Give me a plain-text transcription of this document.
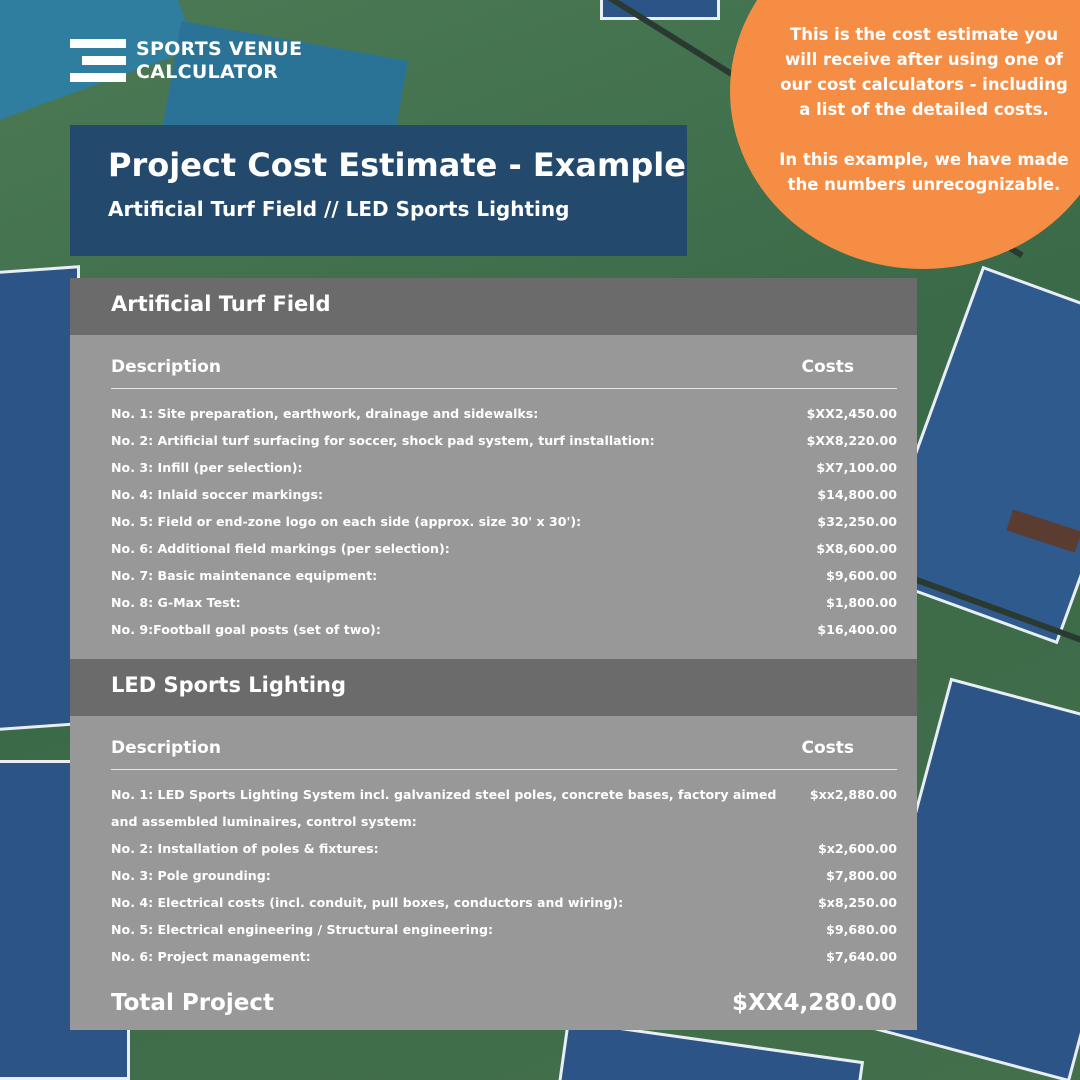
SPORTS VENUE
CALCULATOR
Project Cost Estimate - Example
Artificial Turf Field // LED Sports Lighting

This is the cost estimate you will receive after using one of our cost calculators - including a list of the detailed costs.

In this example, we have made the numbers unrecognizable.

Artificial Turf Field
Description	Costs
No. 1: Site preparation, earthwork, drainage and sidewalks:	$XX2,450.00
No. 2: Artificial turf surfacing for soccer, shock pad system, turf installation:	$XX8,220.00
No. 3: Infill (per selection):	$X7,100.00
No. 4: Inlaid soccer markings:	$14,800.00
No. 5: Field or end-zone logo on each side (approx. size 30' x 30'):	$32,250.00
No. 6: Additional field markings (per selection):	$X8,600.00
No. 7: Basic maintenance equipment:	$9,600.00
No. 8: G-Max Test:	$1,800.00
No. 9:Football goal posts (set of two):	$16,400.00
LED Sports Lighting
Description	Costs
No. 1: LED Sports Lighting System incl. galvanized steel poles, concrete bases, factory aimed and assembled luminaires, control system:
$xx2,880.00
No. 2: Installation of poles & fixtures:	$x2,600.00
No. 3: Pole grounding:	$7,800.00
No. 4: Electrical costs (incl. conduit, pull boxes, conductors and wiring):	$x8,250.00
No. 5: Electrical engineering / Structural engineering:	$9,680.00
No. 6: Project management:	$7,640.00
Total Project	$XX4,280.00
